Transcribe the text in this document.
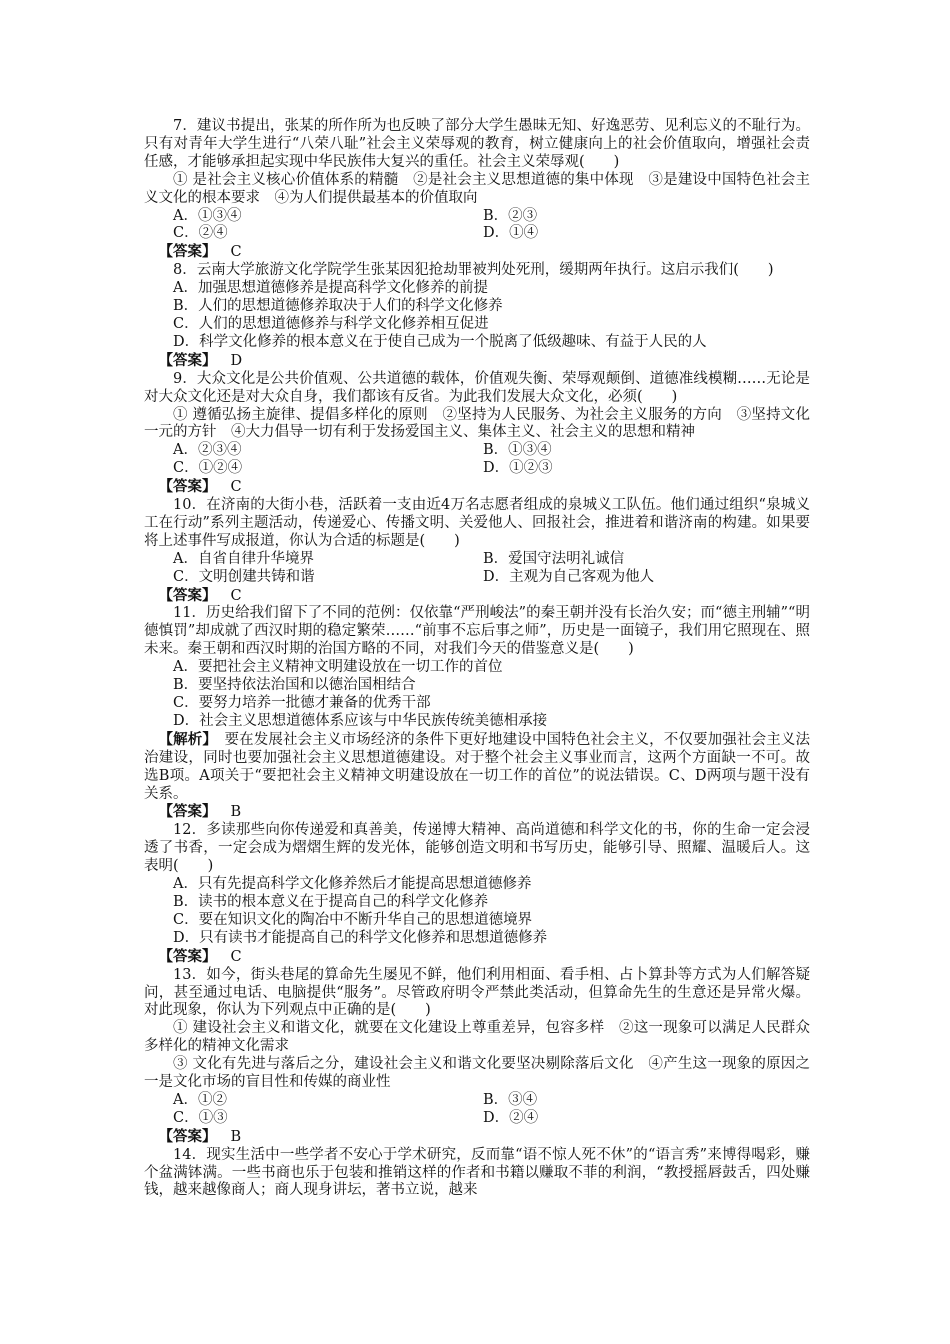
7．建议书提出，张某的所作所为也反映了部分大学生愚昧无知、好逸恶劳、见利忘义的不耻行为。只有对青年大学生进行“八荣八耻”社会主义荣辱观的教育，树立健康向上的社会价值取向，增强社会责任感，才能够承担起实现中华民族伟大复兴的重任。社会主义荣辱观(　　)

① 是社会主义核心价值体系的精髓　②是社会主义思想道德的集中体现　③是建设中国特色社会主义文化的根本要求　④为人们提供最基本的价值取向

A．①③④	B．②③
C．②④	D．①④

【答案】 C

8．云南大学旅游文化学院学生张某因犯抢劫罪被判处死刑，缓期两年执行。这启示我们(　　)

A．加强思想道德修养是提高科学文化修养的前提

B．人们的思想道德修养取决于人们的科学文化修养

C．人们的思想道德修养与科学文化修养相互促进

D．科学文化修养的根本意义在于使自己成为一个脱离了低级趣味、有益于人民的人

【答案】 D

9．大众文化是公共价值观、公共道德的载体，价值观失衡、荣辱观颠倒、道德准线模糊……无论是对大众文化还是对大众自身，我们都该有反省。为此我们发展大众文化，必须(　　)

① 遵循弘扬主旋律、提倡多样化的原则　②坚持为人民服务、为社会主义服务的方向　③坚持文化一元的方针　④大力倡导一切有利于发扬爱国主义、集体主义、社会主义的思想和精神

A．②③④	B．①③④
C．①②④	D．①②③

【答案】 C

10．在济南的大街小巷，活跃着一支由近4万名志愿者组成的泉城义工队伍。他们通过组织“泉城义工在行动”系列主题活动，传递爱心、传播文明、关爱他人、回报社会，推进着和谐济南的构建。如果要将上述事件写成报道，你认为合适的标题是(　　)

A．自省自律升华境界	B．爱国守法明礼诚信
C．文明创建共铸和谐	D．主观为自己客观为他人

【答案】 C

11．历史给我们留下了不同的范例：仅依靠“严刑峻法”的秦王朝并没有长治久安；而“德主刑辅”“明德慎罚”却成就了西汉时期的稳定繁荣……“前事不忘后事之师”，历史是一面镜子，我们用它照现在、照未来。秦王朝和西汉时期的治国方略的不同，对我们今天的借鉴意义是(　　)

A．要把社会主义精神文明建设放在一切工作的首位

B．要坚持依法治国和以德治国相结合

C．要努力培养一批德才兼备的优秀干部

D．社会主义思想道德体系应该与中华民族传统美德相承接

【解析】　要在发展社会主义市场经济的条件下更好地建设中国特色社会主义，不仅要加强社会主义法治建设，同时也要加强社会主义思想道德建设。对于整个社会主义事业而言，这两个方面缺一不可。故选B项。A项关于“要把社会主义精神文明建设放在一切工作的首位”的说法错误。C、D两项与题干没有关系。

【答案】 B

12．多读那些向你传递爱和真善美，传递博大精神、高尚道德和科学文化的书，你的生命一定会浸透了书香，一定会成为熠熠生辉的发光体，能够创造文明和书写历史，能够引导、照耀、温暖后人。这表明(　　)

A．只有先提高科学文化修养然后才能提高思想道德修养

B．读书的根本意义在于提高自己的科学文化修养

C．要在知识文化的陶冶中不断升华自己的思想道德境界

D．只有读书才能提高自己的科学文化修养和思想道德修养

【答案】 C

13．如今，街头巷尾的算命先生屡见不鲜，他们利用相面、看手相、占卜算卦等方式为人们解答疑问，甚至通过电话、电脑提供“服务”。尽管政府明令严禁此类活动，但算命先生的生意还是异常火爆。对此现象，你认为下列观点中正确的是(　　)

① 建设社会主义和谐文化，就要在文化建设上尊重差异，包容多样　②这一现象可以满足人民群众多样化的精神文化需求

③ 文化有先进与落后之分，建设社会主义和谐文化要坚决剔除落后文化　④产生这一现象的原因之一是文化市场的盲目性和传媒的商业性

A．①②	B．③④
C．①③	D．②④

【答案】 B

14．现实生活中一些学者不安心于学术研究，反而靠“语不惊人死不休”的“语言秀”来博得喝彩，赚个盆满钵满。一些书商也乐于包装和推销这样的作者和书籍以赚取不菲的利润，“教授摇唇鼓舌，四处赚钱，越来越像商人；商人现身讲坛，著书立说，越来
